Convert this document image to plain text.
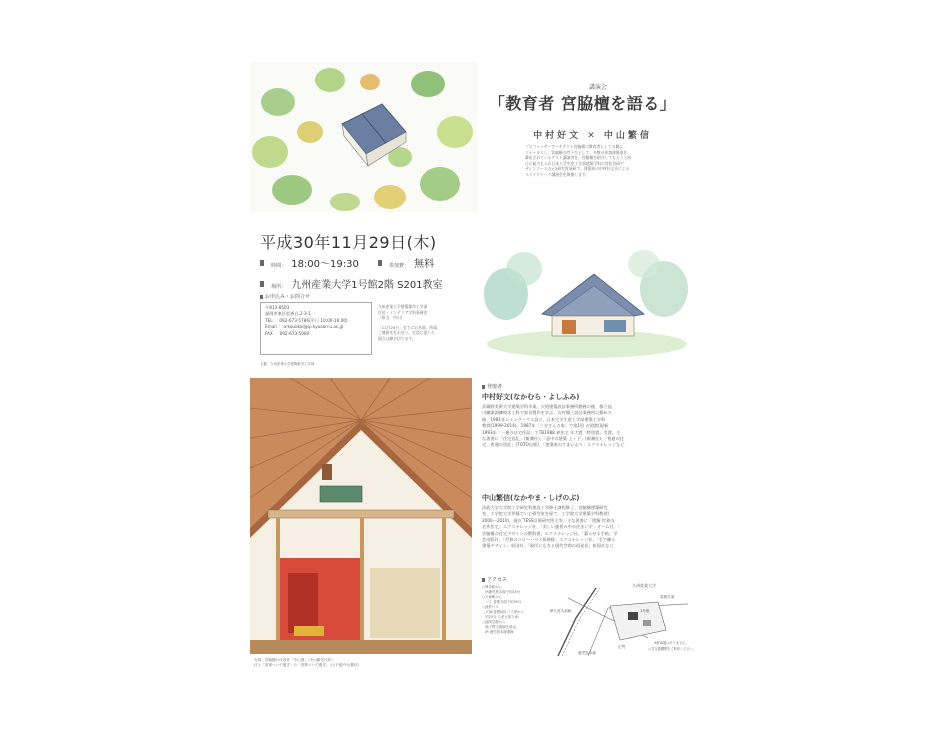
講演会
「教育者 宮脇檀を語る」
中村好文 ✕ 中山繁信
プロフェッサーアーキテクト宮脇檀の教育者としての側に
フォーカスし、宮脇檀の門下生として、多数の卓越建築家を
輩出されているゲスト講演者を、宮脇檀を紹介してもらうと同
日に総力も入れ日本大学生産工学部建築学科の宮松宮研デ
ザインコースの元2研究所展研で、建築家の中村好文氏による
スライドトーク講演会を開催します。
平成30年11月29日(木)
時間： 18:00〜19:30	参加費： 無料
場所： 九州産業大学1号館2階 S201教室
お申込み・お問合せ
〒813-8503
福岡市東区松香台 2-3-1
TEL ： 092-673-5786(平日 10:00-16:00)
Email ： a-kouokai@ip.kyusan-u.ac.jp
FAX ： 092-673-5084
九州産業大学建築都市工学部
住居・インテリア学科事務室
（担当：中川）
「11月29日」までにお名前、所属、
ご連絡先をお送り、定員に達した
場合は締め切ります。
主催：九州産業大学建築都市工学部
写真：宮脇檀の代表作「中山邸」（中山繁信氏作）
仕上「食事ついで過ぎ」の「食事ついで過ぎ」（山下邸/中山繁信）
登壇者
中村好文(なかむら・よしふみ)
武蔵野美術大学建築学科卒業。宍道建築設計事務所勤務の後、都立品
川職業訓練校木工科で家具製作を学ぶ。吉村順三設計事務所に勤めた
後、1981年レミングハウス設立。日本大学生産工学部建築工学科
教授(1999-2014)。1987年「三谷さんの家」で第1回 吉岡賞(現新
1993年「一連の住宅作品」でTB1988 界住宅 年大賞「特別賞」受賞。主
な著書に「住宅巡礼」(新潮社)、「意中の建築 上・下」(新潮社)、「普通の住
宅、普通の別荘」(TOTO出版)、「建築家のすまいぶり」エクスナレッジなど
中山繁信(なかやま・しげのぶ)
法政大学大学院工学研究科建設工学修士課程修了。宮脇檀建築研究
室、工学院大学伊藤ていじ研究室を経て、工学院大学建築学科教授(
2000〜2010)。現在 TESS計画研究所主宰。主な著書に「図解 世界の
名作住宅」エクスナレッジ社、「美しい風景の中の住まい学」オーム社、「
宮脇檀の住宅デザインの教科書」エクスナレッジ社、「暮らせる手帖」学
芸出版社、「世界のスローハウス探検隊」エクスナレッジ社、「手で練る
建築デザイン」彰国社、「現代にもきる現代空間の再発見」彰国社など
アクセス
○博多駅から
　JR鹿児島本線で約15分
○天神駅から
　バス 香椎方面で約50分
○西鉄バス
（天神/香椎地区バス停から
　約25分 九産大前下車）
○福岡空港から
　地下鉄空港線を経由、
　JR 鹿児島本線乗換
九州産業大学
JR九産大前駅	1号館
正門
香椎方面
鹿児島本線
※駐車場はありません。
公共交通機関をご利用ください。
